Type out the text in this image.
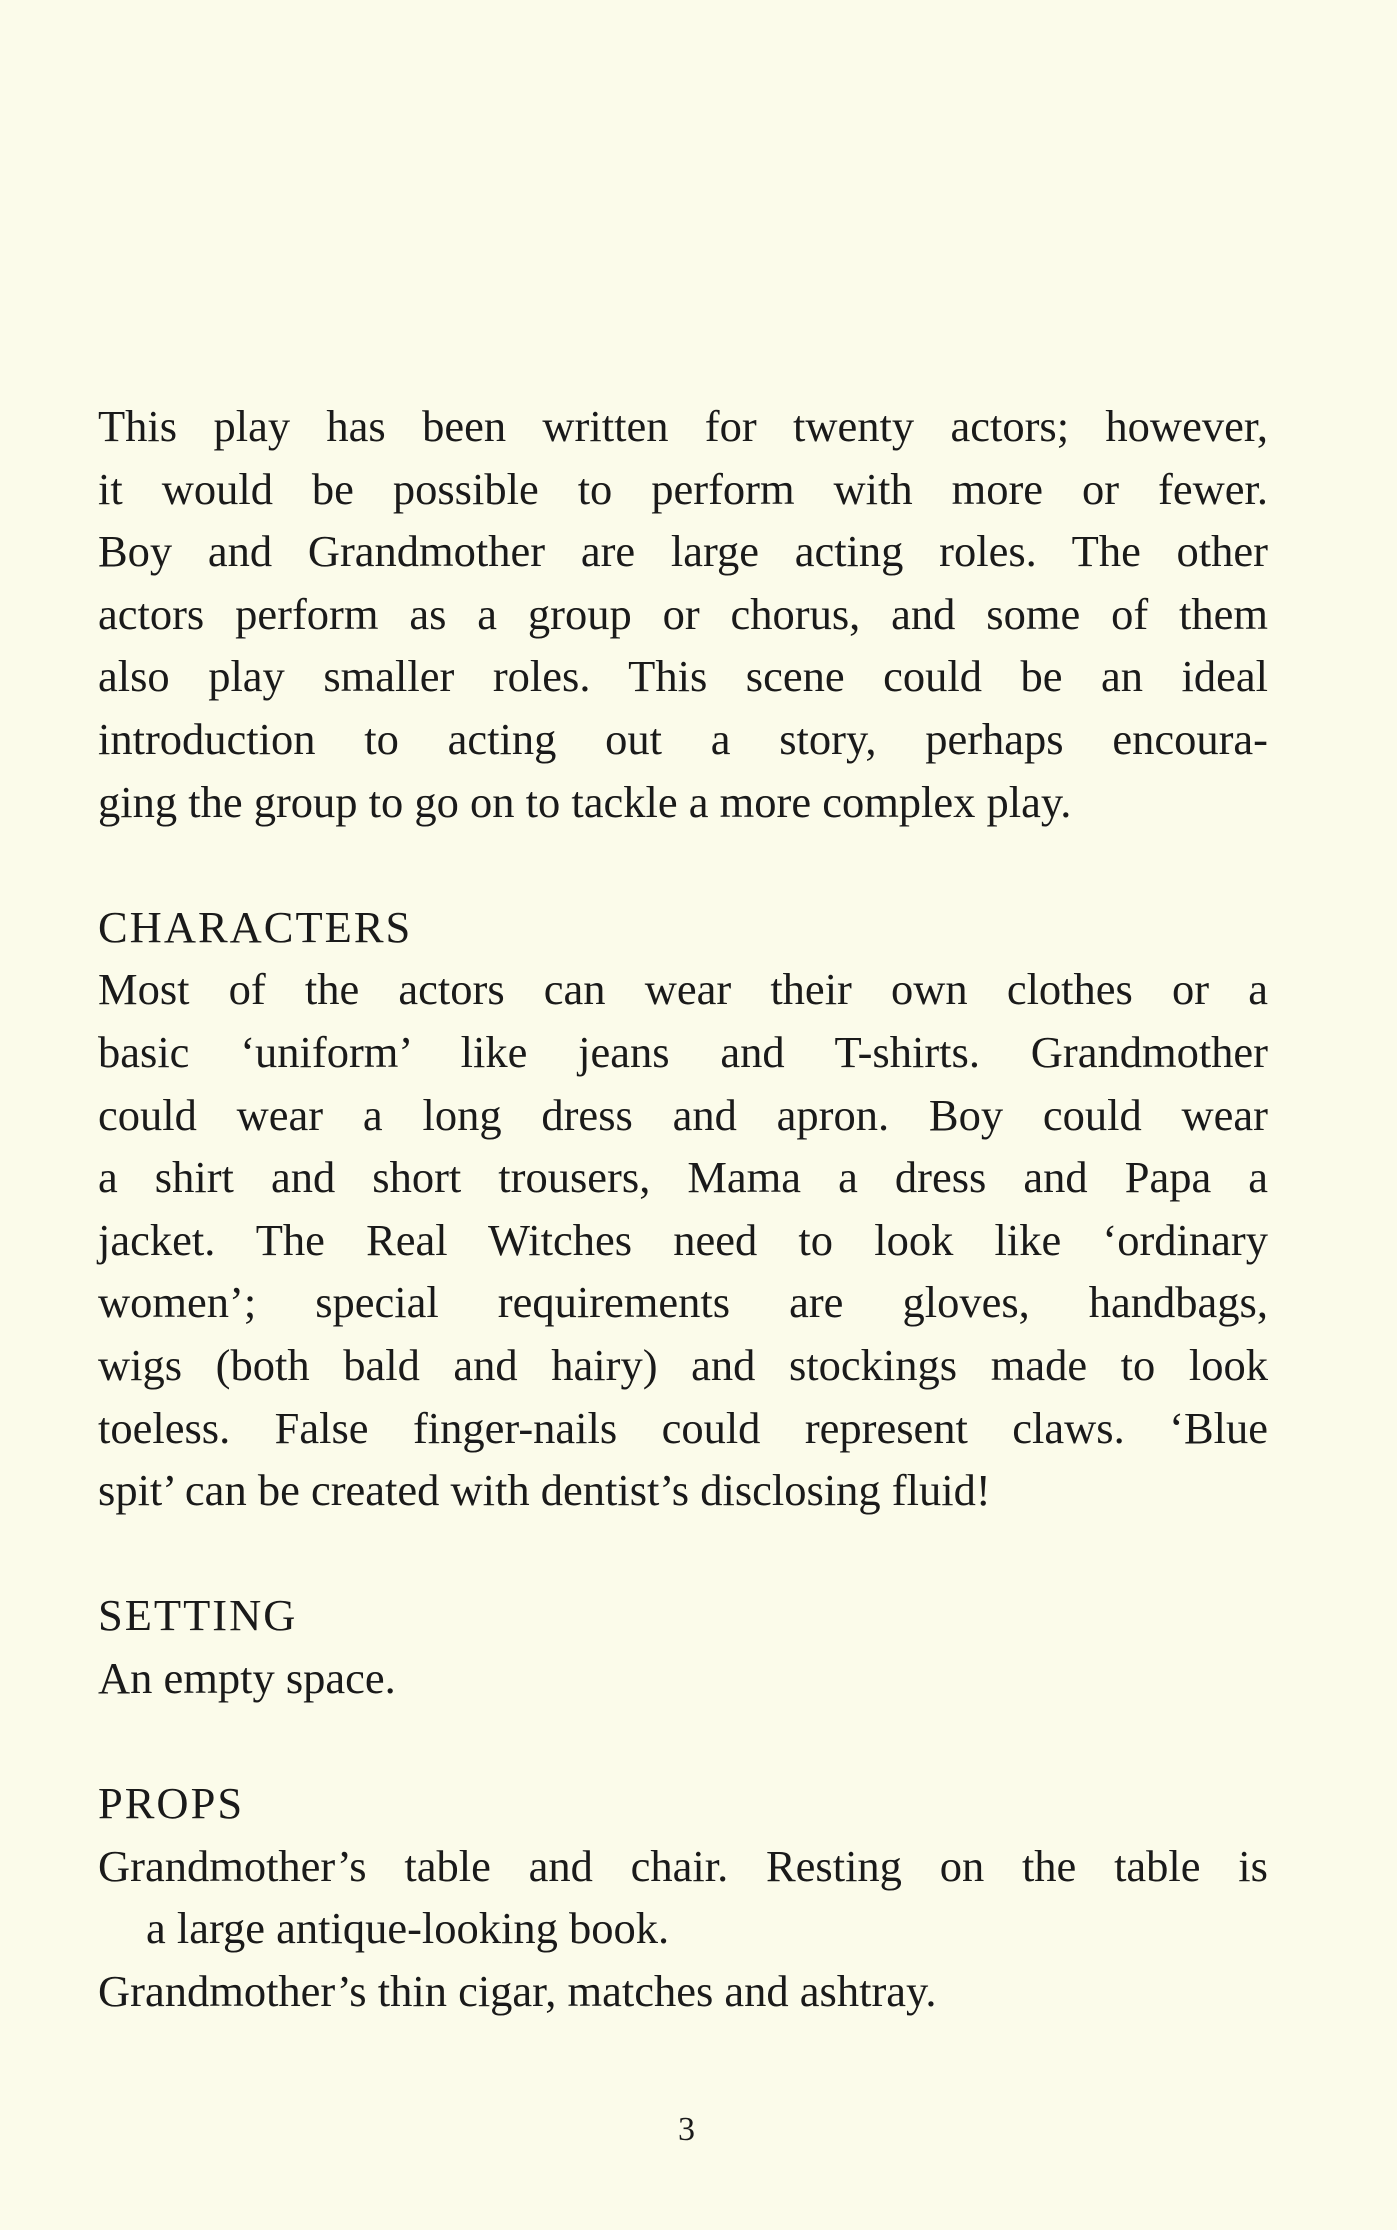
This play has been written for twenty actors; however,
it would be possible to perform with more or fewer.
Boy and Grandmother are large acting roles. The other
actors perform as a group or chorus, and some of them
also play smaller roles. This scene could be an ideal
introduction to acting out a story, perhaps encoura-
ging the group to go on to tackle a more complex play.
CHARACTERS
Most of the actors can wear their own clothes or a
basic ‘uniform’ like jeans and T-shirts. Grandmother
could wear a long dress and apron. Boy could wear
a shirt and short trousers, Mama a dress and Papa a
jacket. The Real Witches need to look like ‘ordinary
women’; special requirements are gloves, handbags,
wigs (both bald and hairy) and stockings made to look
toeless. False finger-nails could represent claws. ‘Blue
spit’ can be created with dentist’s disclosing fluid!
SETTING
An empty space.
PROPS
Grandmother’s table and chair. Resting on the table is
a large antique-looking book.
Grandmother’s thin cigar, matches and ashtray.
3
